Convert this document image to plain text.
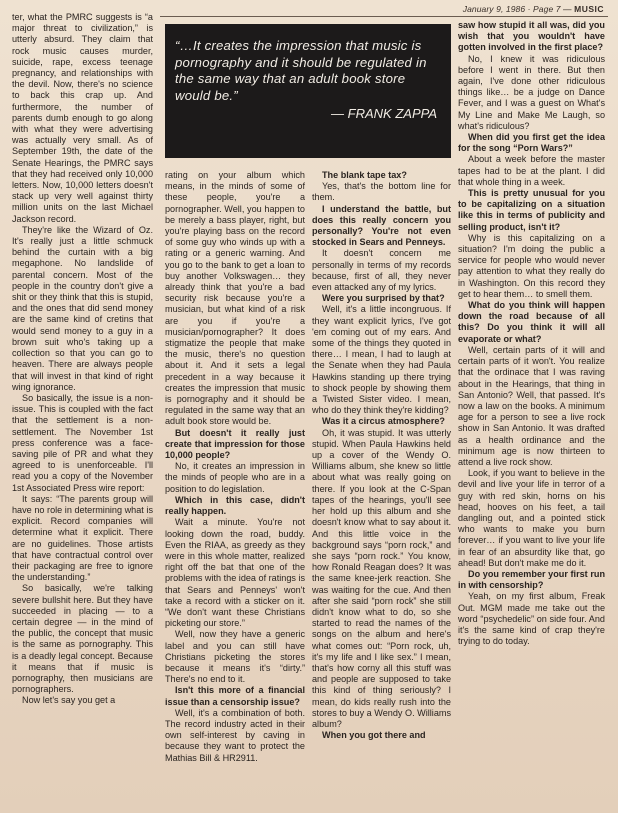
January 9, 1986 · Page 7 — MUSIC

ter, what the PMRC suggests is “a major threat to civilization,” is utterly absurd. They claim that rock music causes murder, suicide, rape, excess teenage pregnancy, and relationships with the devil. Now, there's no science to back this crap up. And furthermore, the number of parents dumb enough to go along with what they were advertising was actually very small. As of September 19th, the date of the Senate Hearings, the PMRC says that they had received only 10,000 letters. Now, 10,000 letters doesn't stack up very well against thirty million units on the last Michael Jackson record.

They're like the Wizard of Oz. It's really just a little schmuck behind the curtain with a big megaphone. No landslide of parental concern. Most of the people in the country don't give a shit or they think that this is stupid, and the ones that did send money are the same kind of cretins that would send money to a guy in a brown suit who's taking up a collection so that you can go to heaven. There are always people that will invest in that kind of right wing ignorance.

So basically, the issue is a non-issue. This is coupled with the fact that the settlement is a non-settlement. The November 1st press conference was a face-saving pile of PR and what they agreed to is unenforceable. I'll read you a copy of the November 1st Associated Press wire report:

It says: “The parents group will have no role in determining what is explicit. Record companies will determine what it explicit. There are no guidelines. Those artists that have contractual control over their packaging are free to ignore the understanding.”

So basically, we're talking severe bullshit here. But they have succeeded in placing — to a certain degree — in the mind of the public, the concept that music is the same as pornography. This is a deadly legal concept. Because it means that if music is pornography, then musicians are pornographers.

Now let's say you get a

“…It creates the impression that music is pornography and it should be regulated in the same way that an adult book store would be.”
— FRANK ZAPPA

rating on your album which means, in the minds of some of these people, you're a pornographer. Well, you happen to be merely a bass player, right, but you're playing bass on the record of some guy who winds up with a rating or a generic warning. And you go to the bank to get a loan to buy another Volkswagen… they already think that you're a bad security risk because you're a musician, but what kind of a risk are you if you're a musician/pornographer? It does stigmatize the people that make the music, there's no question about it. And it sets a legal precedent in a way because it creates the impression that music is pornography and it should be regulated in the same way that an adult book store would be.

But doesn't it really just create that impression for those 10,000 people?

No, it creates an impression in the minds of people who are in a position to do legislation.

Which in this case, didn't really happen.

Wait a minute. You're not looking down the road, buddy. Even the RIAA, as greedy as they were in this whole matter, realized right off the bat that one of the problems with the idea of ratings is that Sears and Penneys' won't take a record with a sticker on it. “We don't want these Christians picketing our store.”

Well, now they have a generic label and you can still have Christians picketing the stores because it means it's “dirty.” There's no end to it.

Isn't this more of a financial issue than a censorship issue?

Well, it's a combination of both. The record industry acted in their own self-interest by caving in because they want to protect the Mathias Bill & HR2911.

The blank tape tax?

Yes, that's the bottom line for them.

I understand the battle, but does this really concern you personally? You're not even stocked in Sears and Penneys.

It doesn't concern me personally in terms of my records because, first of all, they never even attacked any of my lyrics.

Were you surprised by that?

Well, it's a little incongruous. If they want explicit lyrics, I've got 'em coming out of my ears. And some of the things they quoted in there… I mean, I had to laugh at the Senate when they had Paula Hawkins standing up there trying to shock people by showing them a Twisted Sister video. I mean, who do they think they're kidding?

Was it a circus atmosphere?

Oh, it was stupid. It was utterly stupid. When Paula Hawkins held up a cover of the Wendy O. Williams album, she knew so little about what was really going on there. If you look at the C-Span tapes of the hearings, you'll see her hold up this album and she doesn't know what to say about it. And this little voice in the background says “porn rock,” and she says “porn rock.” You know, how Ronald Reagan does? It was the same knee-jerk reaction. She was waiting for the cue. And then after she said “porn rock” she still didn't know what to do, so she started to read the names of the songs on the album and here's what comes out: “Porn rock, uh, it's my life and I like sex.” I mean, that's how corny all this stuff was and people are supposed to take this kind of thing seriously? I mean, do kids really rush into the stores to buy a Wendy O. Williams album?

When you got there and

saw how stupid it all was, did you wish that you wouldn't have gotten involved in the first place?

No, I knew it was ridiculous before I went in there. But then again, I've done other ridiculous things like… be a judge on Dance Fever, and I was a guest on What's My Line and Make Me Laugh, so what's ridiculous?

When did you first get the idea for the song “Porn Wars?”

About a week before the master tapes had to be at the plant. I did that whole thing in a week.

This is pretty unusual for you to be capitalizing on a situation like this in terms of publicity and selling product, isn't it?

Why is this capitalizing on a situation? I'm doing the public a service for people who would never pay attention to what they really do in Washington. On this record they get to hear them… to smell them.

What do you think will happen down the road because of all this? Do you think it will all evaporate or what?

Well, certain parts of it will and certain parts of it won't. You realize that the ordinace that I was raving about in the Hearings, that thing in San Antonio? Well, that passed. It's now a law on the books. A minimum age for a person to see a live rock show in San Antonio. It was drafted as a health ordinance and the minimum age is now thirteen to attend a live rock show.

Look, if you want to believe in the devil and live your life in terror of a guy with red skin, horns on his head, hooves on his feet, a tail dangling out, and a pointed stick who wants to make you burn forever… if you want to live your life in fear of an absurdity like that, go ahead! But don't make me do it.

Do you remember your first run in with censorship?

Yeah, on my first album, Freak Out. MGM made me take out the word “psychedelic” on side four. And it's the same kind of crap they're trying to do today.
